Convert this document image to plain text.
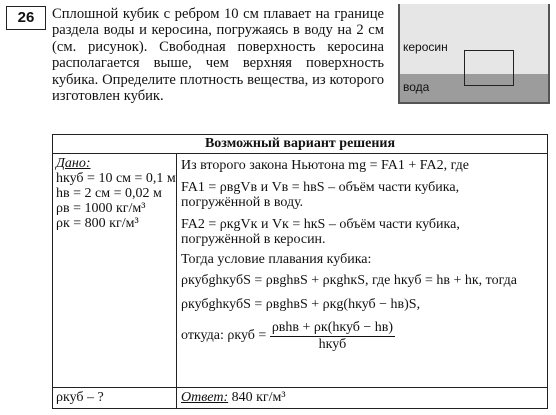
26	Сплошной кубик с ребром 10 см плавает на границе раздела воды и керосина, погружаясь в воду на 2 см (см. рисунок). Свободная поверхность керосина располагается выше, чем верхняя поверхность кубика. Определите плотность вещества, из которого изготовлен кубик.
керосин
вода
Возможный вариант решения
Дано:
hкуб = 10 см = 0,1 м
hв = 2 см = 0,02 м
ρв = 1000 кг/м³
ρк = 800 кг/м³
Из второго закона Ньютона mg = FA1 + FA2, где
FA1 = ρвgVв и Vв = hвS – объём части кубика,
погружённой в воду.
FA2 = ρкgVк и Vк = hкS – объём части кубика,
погружённой в керосин.
Тогда условие плавания кубика:
ρкубghкубS = ρвghвS + ρкghкS, где hкуб = hв + hк, тогда
ρкубghкубS = ρвghвS + ρкg(hкуб − hв)S,
откуда: $\rho куб = \frac{\text{ρвhв + ρк(hкуб − hв)}}{\text{hкуб}}$
ρкуб – ?	Ответ: 840 кг/м³
